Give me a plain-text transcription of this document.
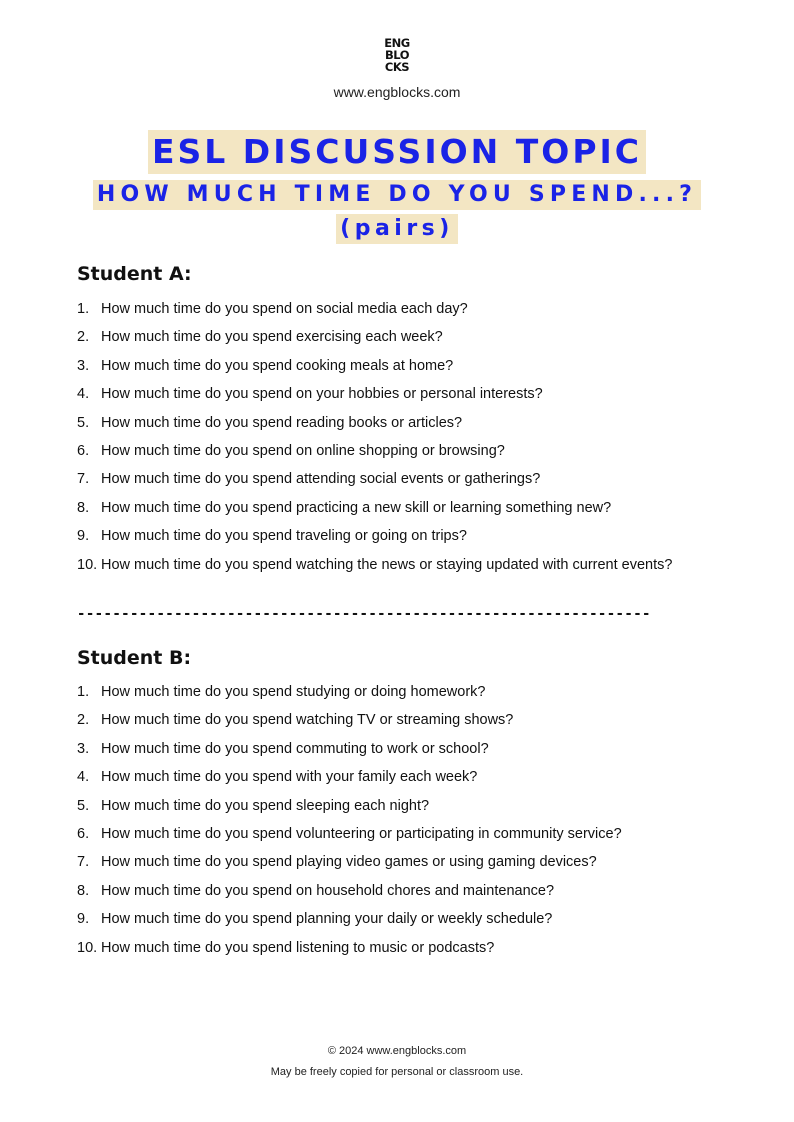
ENG
BLO
CKS
www.engblocks.com
ESL DISCUSSION TOPIC
HOW MUCH TIME DO YOU SPEND...?
(pairs)
Student A:
1. How much time do you spend on social media each day?
2. How much time do you spend exercising each week?
3. How much time do you spend cooking meals at home?
4. How much time do you spend on your hobbies or personal interests?
5. How much time do you spend reading books or articles?
6. How much time do you spend on online shopping or browsing?
7. How much time do you spend attending social events or gatherings?
8. How much time do you spend practicing a new skill or learning something new?
9. How much time do you spend traveling or going on trips?
10. How much time do you spend watching the news or staying updated with current events?
-----------------------------------------------------------------
Student B:
1. How much time do you spend studying or doing homework?
2. How much time do you spend watching TV or streaming shows?
3. How much time do you spend commuting to work or school?
4. How much time do you spend with your family each week?
5. How much time do you spend sleeping each night?
6. How much time do you spend volunteering or participating in community service?
7. How much time do you spend playing video games or using gaming devices?
8. How much time do you spend on household chores and maintenance?
9. How much time do you spend planning your daily or weekly schedule?
10. How much time do you spend listening to music or podcasts?
© 2024 www.engblocks.com
May be freely copied for personal or classroom use.
